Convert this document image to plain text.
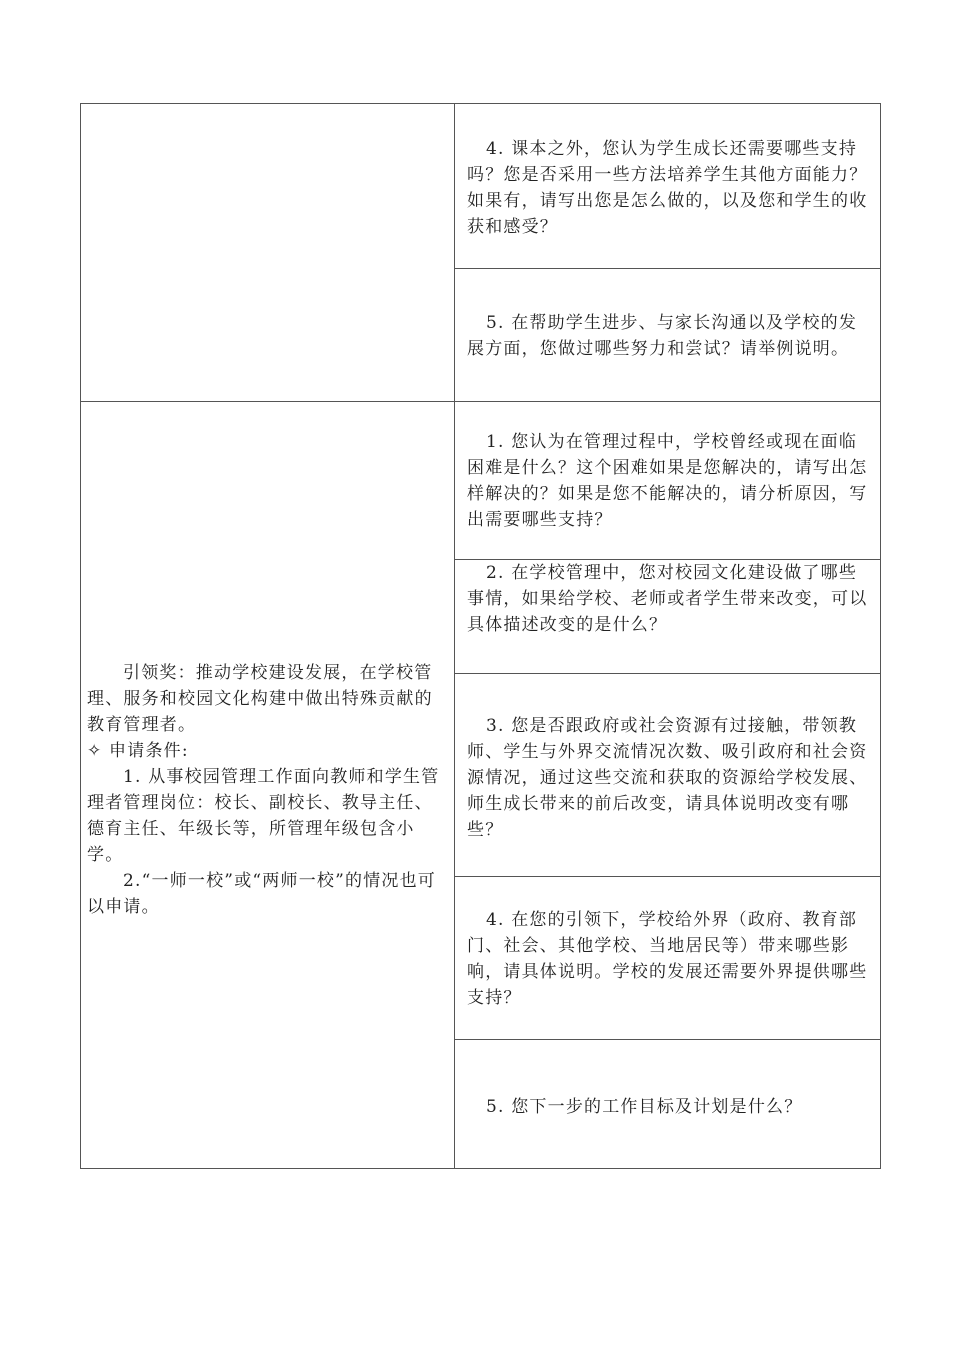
4. 课本之外，您认为学生成长还需要哪些支持吗？您是否采用一些方法培养学生其他方面能力？如果有，请写出您是怎么做的，以及您和学生的收获和感受？
5. 在帮助学生进步、与家长沟通以及学校的发展方面，您做过哪些努力和尝试？请举例说明。

引领奖：推动学校建设发展，在学校管理、服务和校园文化构建中做出特殊贡献的教育管理者。

✧ 申请条件:

1. 从事校园管理工作面向教师和学生管理者管理岗位：校长、副校长、教导主任、德育主任、年级长等，所管理年级包含小学。

2.“一师一校”或“两师一校”的情况也可以申请。

1. 您认为在管理过程中，学校曾经或现在面临困难是什么？这个困难如果是您解决的，请写出怎样解决的？如果是您不能解决的，请分析原因，写出需要哪些支持？
2. 在学校管理中，您对校园文化建设做了哪些事情，如果给学校、老师或者学生带来改变，可以具体描述改变的是什么？
3. 您是否跟政府或社会资源有过接触，带领教师、学生与外界交流情况次数、吸引政府和社会资源情况，通过这些交流和获取的资源给学校发展、师生成长带来的前后改变，请具体说明改变有哪些？
4. 在您的引领下，学校给外界（政府、教育部门、社会、其他学校、当地居民等）带来哪些影响，请具体说明。学校的发展还需要外界提供哪些支持？
5. 您下一步的工作目标及计划是什么？
